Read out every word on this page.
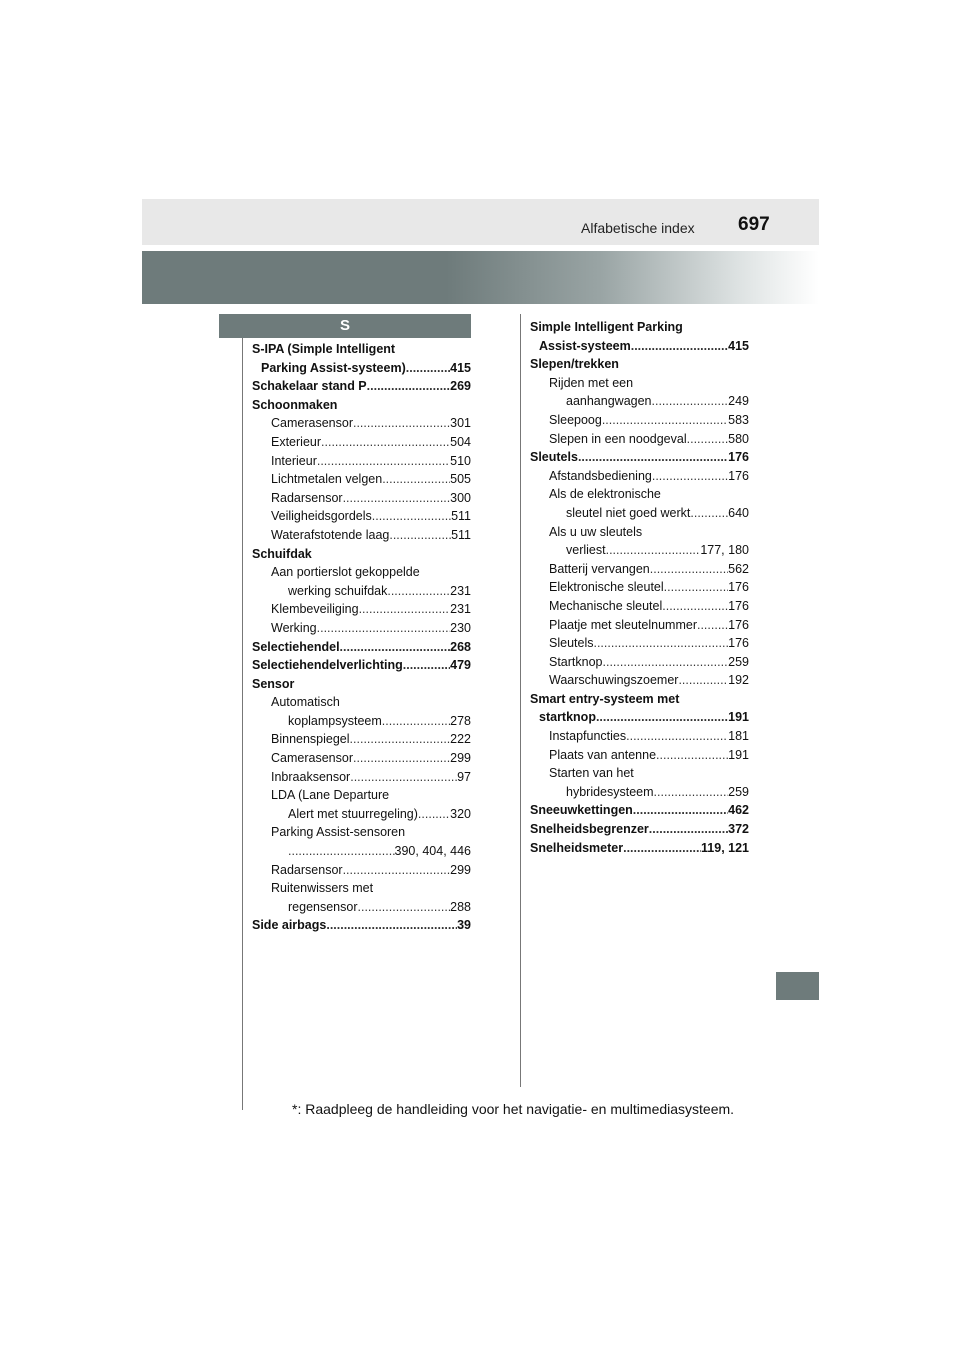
Alfabetische index 697
S
S-IPA (Simple Intelligent
Parking Assist-systeem) .....	415
Schakelaar stand P .....	269
Schoonmaken
Camerasensor .....	301
Exterieur .....	504
Interieur .....	510
Lichtmetalen velgen .....	505
Radarsensor .....	300
Veiligheidsgordels .....	511
Waterafstotende laag .....	511
Schuifdak
Aan portierslot gekoppelde
werking schuifdak .....	231
Klembeveiliging .....	231
Werking .....	230
Selectiehendel .....	268
Selectiehendelverlichting .....	479
Sensor
Automatisch
koplampsysteem .....	278
Binnenspiegel .....	222
Camerasensor .....	299
Inbraaksensor .....	97
LDA (Lane Departure
Alert met stuurregeling) .....	320
Parking Assist-sensoren
.....
390, 404, 446
Radarsensor .....	299
Ruitenwissers met
regensensor .....	288
Side airbags .....	39
Simple Intelligent Parking
Assist-systeem .....	415
Slepen/trekken
Rijden met een
aanhangwagen .....	249
Sleepoog .....	583
Slepen in een noodgeval .....	580
Sleutels .....	176
Afstandsbediening .....	176
Als de elektronische
sleutel niet goed werkt .....	640
Als u uw sleutels
verliest .....	177, 180
Batterij vervangen .....	562
Elektronische sleutel .....	176
Mechanische sleutel .....	176
Plaatje met sleutelnummer ..... 176
Sleutels .....	176
Startknop .....	259
Waarschuwingszoemer .....	192
Smart entry-systeem met
startknop .....	191
Instapfuncties .....	181
Plaats van antenne .....	191
Starten van het
hybridesysteem .....	259
Sneeuwkettingen .....	462
Snelheidsbegrenzer .....	372
Snelheidsmeter .....	119, 121
*: Raadpleeg de handleiding voor het navigatie- en multimediasysteem.
